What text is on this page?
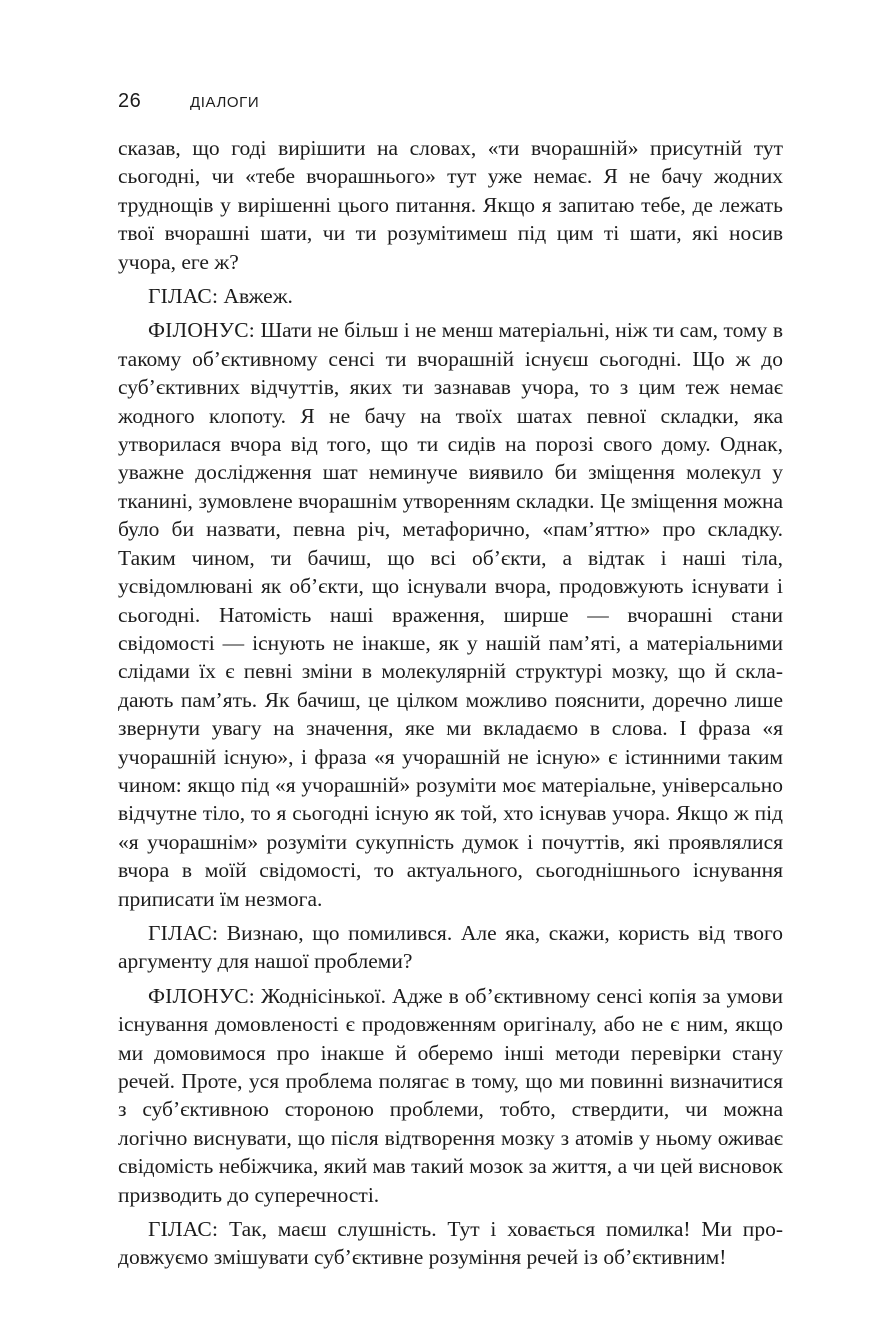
26	ДІАЛОГИ

сказав, що годі вирішити на словах, «ти вчорашній» присутній тут сьогодні, чи «тебе вчорашнього» тут уже немає. Я не бачу жодних труднощів у вирішенні цього питання. Якщо я запитаю тебе, де лежать твої вчорашні шати, чи ти розумітимеш під цим ті шати, які носив учора, еге ж?

ГІЛАС: Авжеж.

ФІЛОНУС: Шати не більш і не менш матеріальні, ніж ти сам, тому в такому об’єктивному сенсі ти вчорашній існуєш сьогодні. Що ж до суб’єктивних відчуттів, яких ти зазнавав учора, то з цим теж немає жодного клопоту. Я не бачу на твоїх шатах певної складки, яка утворилася вчора від того, що ти сидів на порозі свого дому. Однак, уважне дослідження шат неминуче виявило би зміщення молекул у тканині, зумовлене вчорашнім утворенням складки. Це зміщення можна було би назвати, певна річ, метафорично, «пам’яттю» про складку. Таким чином, ти бачиш, що всі об’єкти, а відтак і наші тіла, усвідомлювані як об’єкти, що існували вчора, продовжують існувати і сьогодні. Натомість наші враження, ширше — вчорашні стани свідомості — існують не інакше, як у нашій пам’яті, а матеріальними слідами їх є певні зміни в молекулярній структурі мозку, що й складають пам’ять. Як бачиш, це цілком можливо пояснити, доречно лише звернути увагу на значення, яке ми вкладаємо в слова. І фраза «я учорашній існую», і фраза «я учорашній не існую» є істинними таким чином: якщо під «я учорашній» розуміти моє матеріальне, універсально відчутне тіло, то я сьогодні існую як той, хто існував учора. Якщо ж під «я учорашнім» розуміти сукупність думок і почуттів, які проявлялися вчора в моїй свідомості, то актуального, сьогоднішнього існування приписати їм незмога.

ГІЛАС: Визнаю, що помилився. Але яка, скажи, користь від твого аргументу для нашої проблеми?

ФІЛОНУС: Жоднісінької. Адже в об’єктивному сенсі копія за умови існування домовленості є продовженням оригіналу, або не є ним, якщо ми домовимося про інакше й оберемо інші методи перевірки стану речей. Проте, уся проблема полягає в тому, що ми повинні визначитися з суб’єктивною стороною проблеми, тобто, ствердити, чи можна логічно виснувати, що після відтворення мозку з атомів у ньому оживає свідомість небіжчика, який мав такий мозок за життя, а чи цей висновок призводить до суперечності.

ГІЛАС: Так, маєш слушність. Тут і ховається помилка! Ми продовжуємо змішувати суб’єктивне розуміння речей із об’єктивним!
